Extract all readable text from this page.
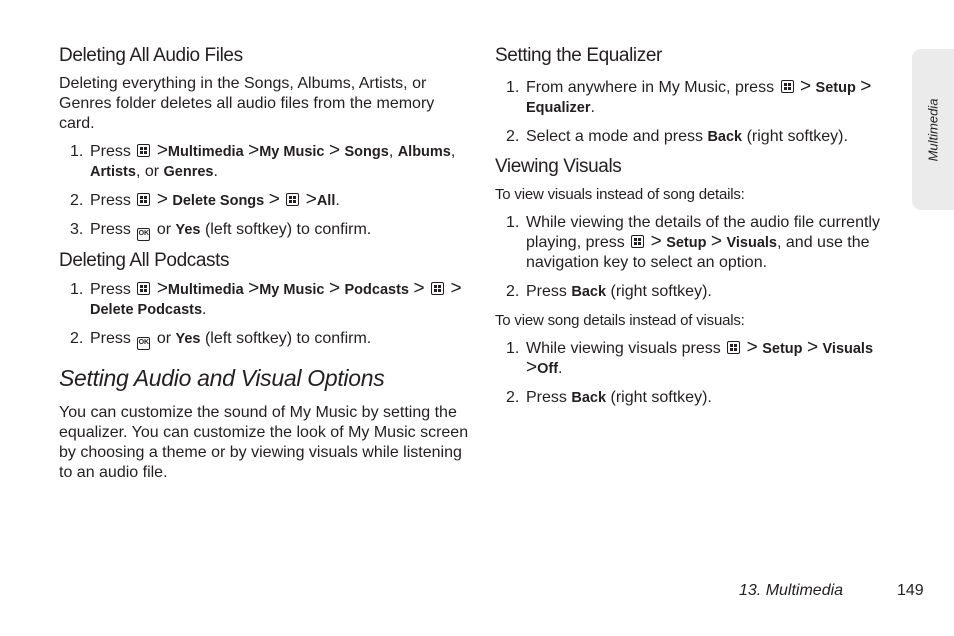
Deleting All Audio Files

Deleting everything in the Songs, Albums, Artists, or Genres folder deletes all audio files from the memory card.

1. Press >Multimedia >My Music > Songs, Albums, Artists, or Genres.
2. Press > Delete Songs > >All.
3. Press OK or Yes (left softkey) to confirm.
Deleting All Podcasts
1. Press >Multimedia >My Music > Podcasts > > Delete Podcasts.
2. Press OK or Yes (left softkey) to confirm.
Setting Audio and Visual Options

You can customize the sound of My Music by setting the equalizer. You can customize the look of My Music screen by choosing a theme or by viewing visuals while listening to an audio file.

Setting the Equalizer
1. From anywhere in My Music, press > Setup > Equalizer.
2. Select a mode and press Back (right softkey).
Viewing Visuals

To view visuals instead of song details:

1. While viewing the details of the audio file currently playing, press > Setup > Visuals, and use the navigation key to select an option.
2. Press Back (right softkey).

To view song details instead of visuals:

1. While viewing visuals press > Setup > Visuals >Off.
2. Press Back (right softkey).
Multimedia
13. Multimedia	149
